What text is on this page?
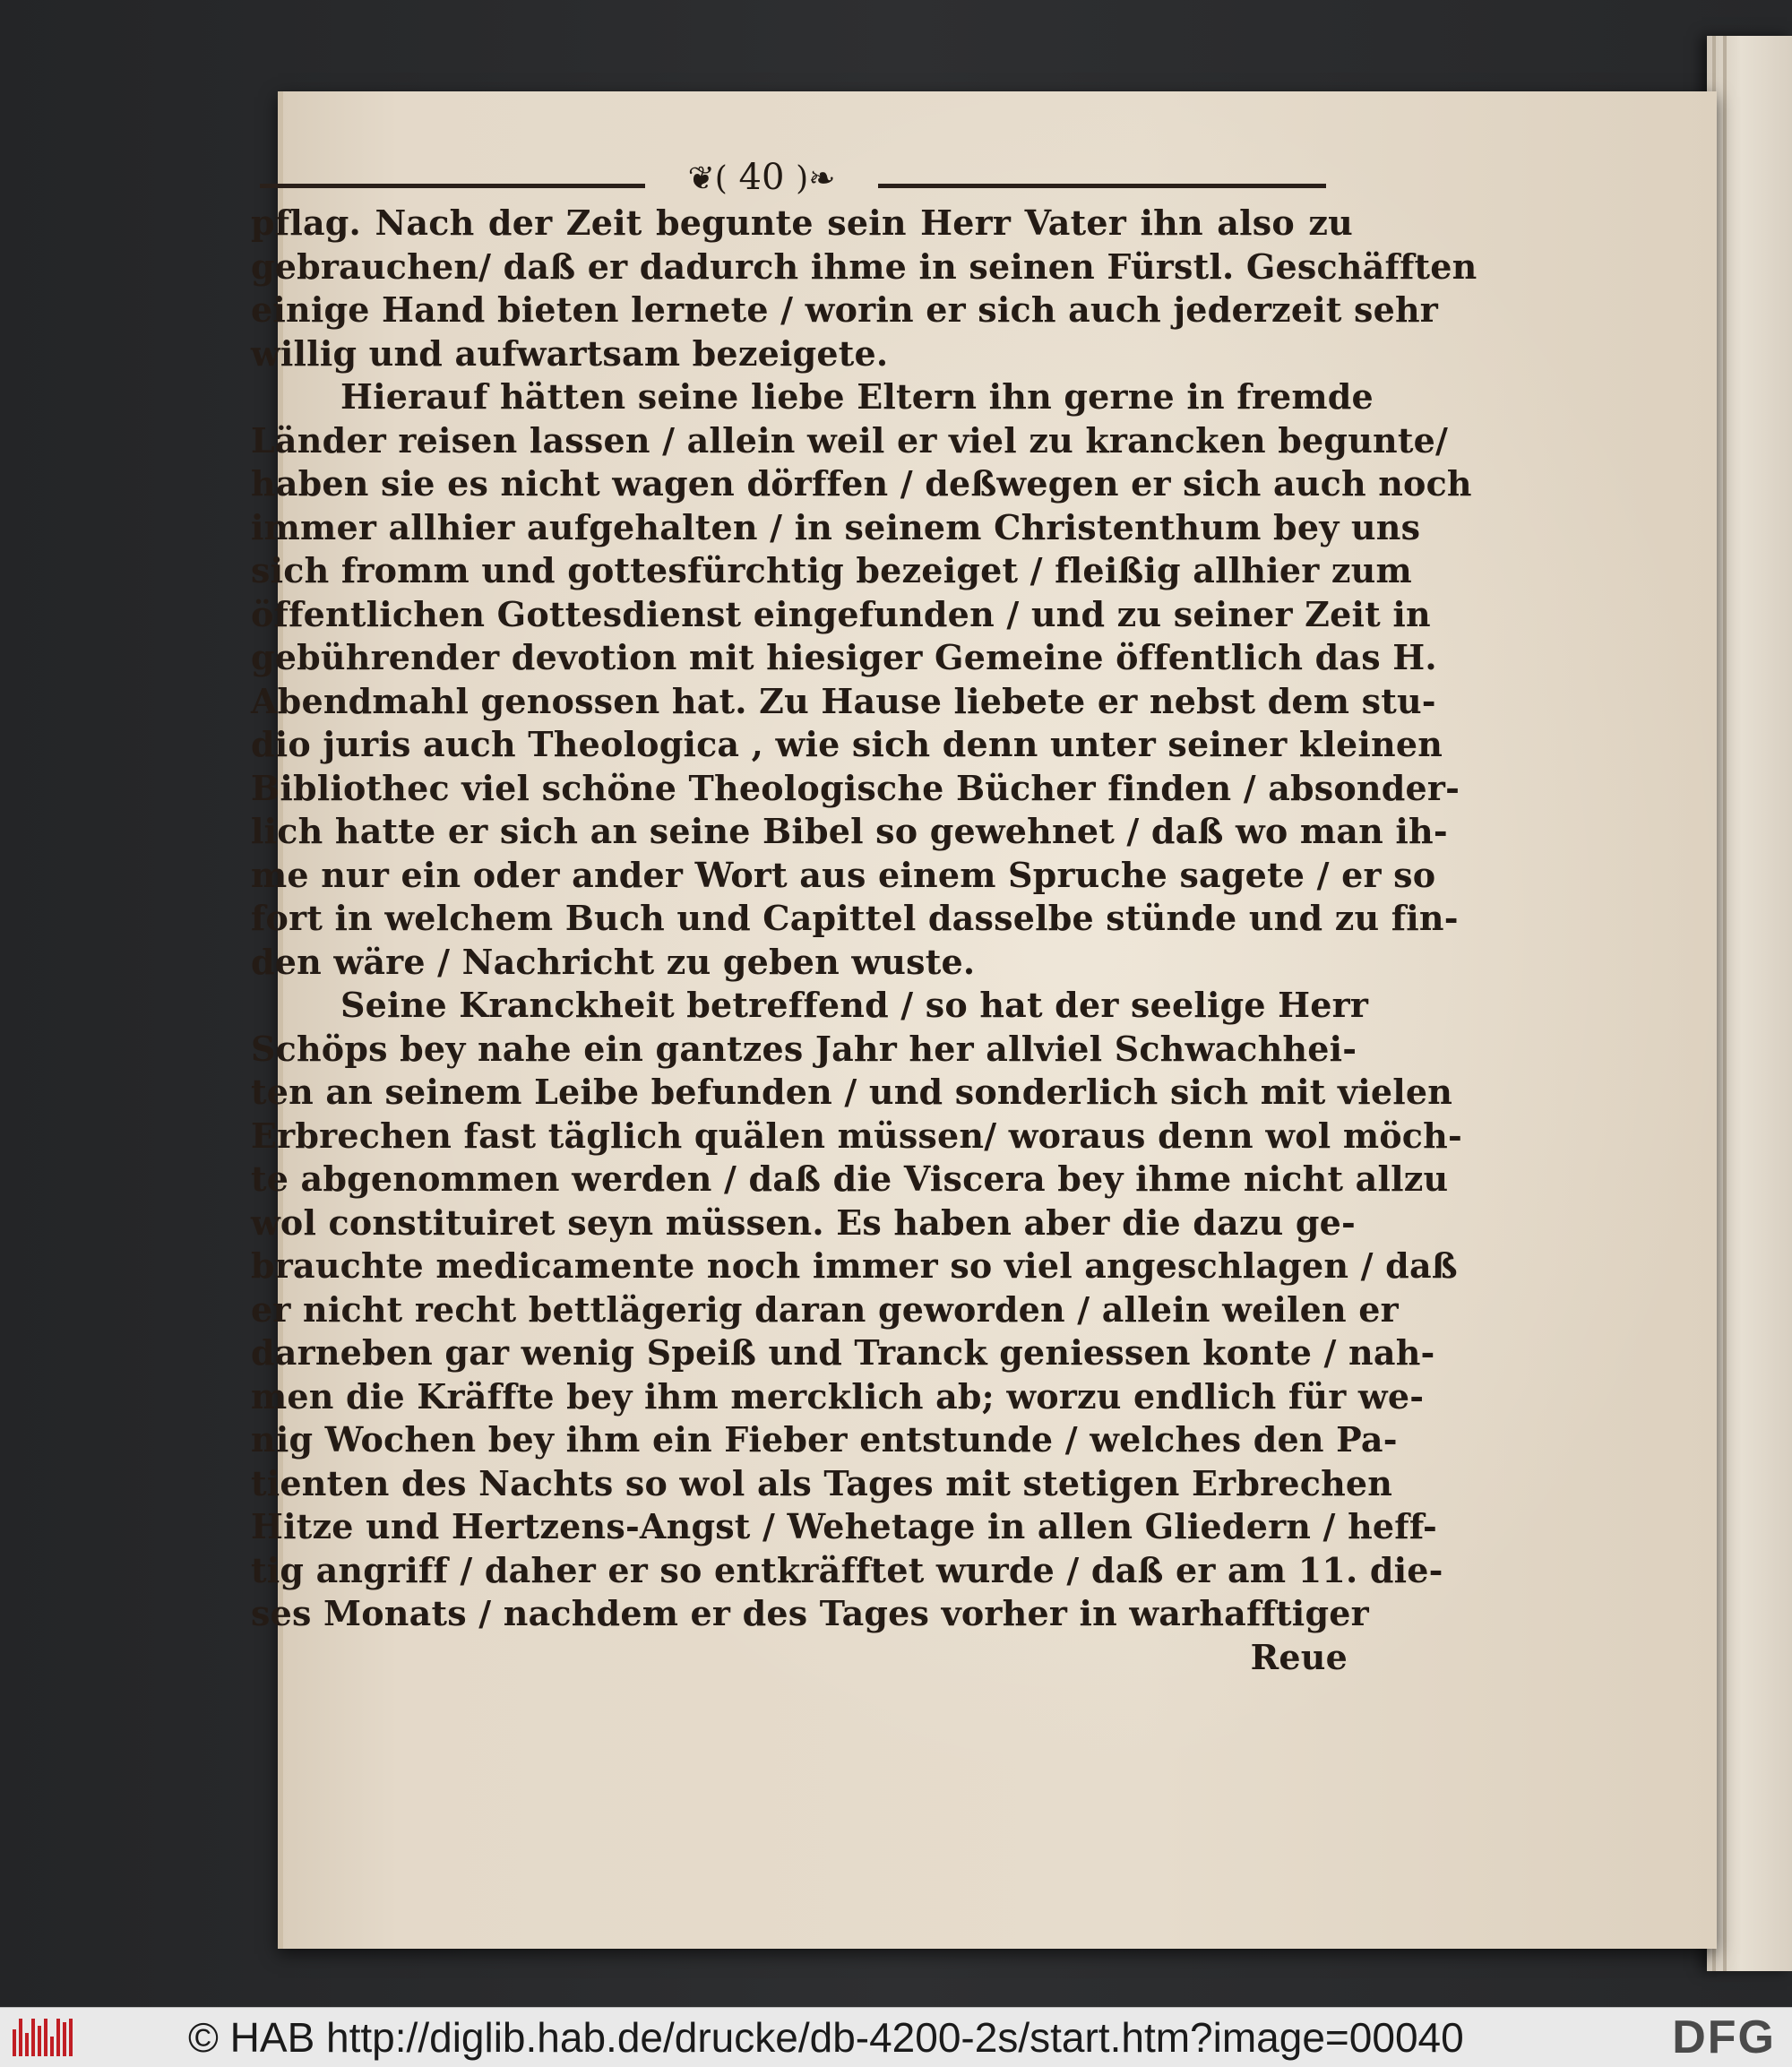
❦( 40 )❧
pflag. Nach der Zeit begunte sein Herr Vater ihn also zu
gebrauchen/ daß er dadurch ihme in seinen Fürstl. Geschäfften
einige Hand bieten lernete / worin er sich auch jederzeit sehr
willig und aufwartsam bezeigete.
Hierauf hätten seine liebe Eltern ihn gerne in fremde
Länder reisen lassen / allein weil er viel zu krancken begunte/
haben sie es nicht wagen dörffen / deßwegen er sich auch noch
immer allhier aufgehalten / in seinem Christenthum bey uns
sich fromm und gottesfürchtig bezeiget / fleißig allhier zum
öffentlichen Gottesdienst eingefunden / und zu seiner Zeit in
gebührender devotion mit hiesiger Gemeine öffentlich das H.
Abendmahl genossen hat. Zu Hause liebete er nebst dem stu-
dio juris auch Theologica , wie sich denn unter seiner kleinen
Bibliothec viel schöne Theologische Bücher finden / absonder-
lich hatte er sich an seine Bibel so gewehnet / daß wo man ih-
me nur ein oder ander Wort aus einem Spruche sagete / er so
fort in welchem Buch und Capittel dasselbe stünde und zu fin-
den wäre / Nachricht zu geben wuste.
Seine Kranckheit betreffend / so hat der seelige Herr
Schöps bey nahe ein gantzes Jahr her allviel Schwachhei-
ten an seinem Leibe befunden / und sonderlich sich mit vielen
Erbrechen fast täglich quälen müssen/ woraus denn wol möch-
te abgenommen werden / daß die Viscera bey ihme nicht allzu
wol constituiret seyn müssen. Es haben aber die dazu ge-
brauchte medicamente noch immer so viel angeschlagen / daß
er nicht recht bettlägerig daran geworden / allein weilen er
darneben gar wenig Speiß und Tranck geniessen konte / nah-
men die Kräffte bey ihm mercklich ab; worzu endlich für we-
nig Wochen bey ihm ein Fieber entstunde / welches den Pa-
tienten des Nachts so wol als Tages mit stetigen Erbrechen
Hitze und Hertzens-Angst / Wehetage in allen Gliedern / heff-
tig angriff / daher er so entkräfftet wurde / daß er am 11. die-
ses Monats / nachdem er des Tages vorher in warhafftiger
Reue
© HAB http://diglib.hab.de/drucke/db-4200-2s/start.htm?image=00040	DFG
